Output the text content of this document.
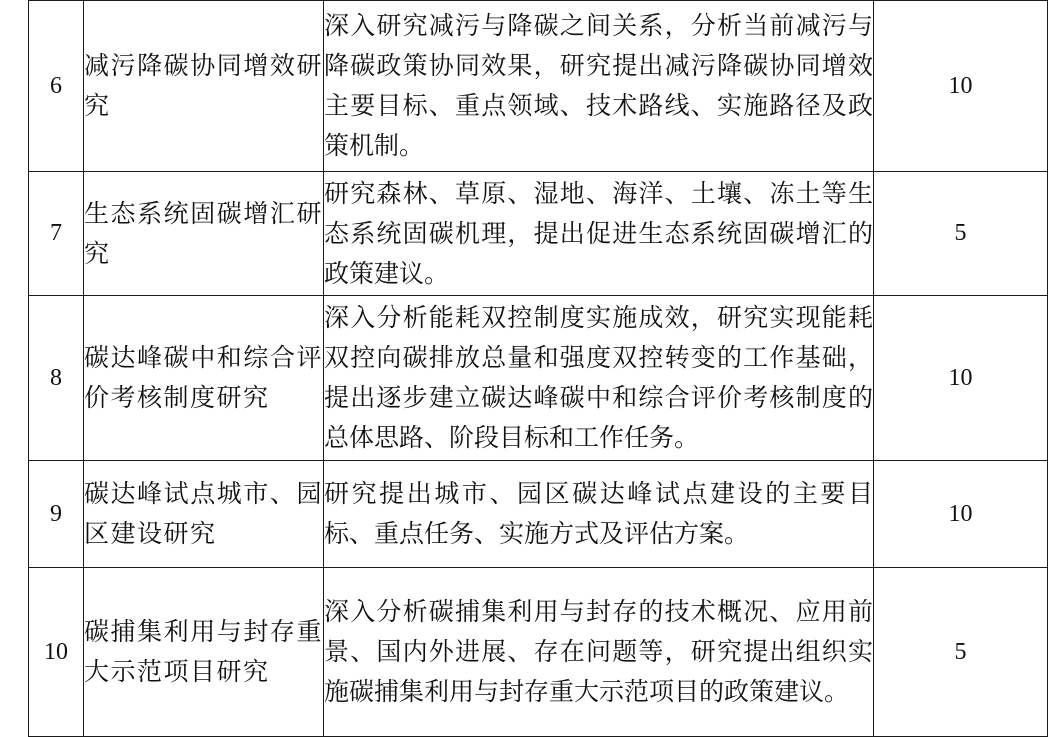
6	减污降碳协同增效研究	深入研究减污与降碳之间关系，分析当前减污与降碳政策协同效果，研究提出减污降碳协同增效主要目标、重点领域、技术路线、实施路径及政策机制。	10
7	生态系统固碳增汇研究	研究森林、草原、湿地、海洋、土壤、冻土等生态系统固碳机理，提出促进生态系统固碳增汇的政策建议。	5
8	碳达峰碳中和综合评价考核制度研究	深入分析能耗双控制度实施成效，研究实现能耗双控向碳排放总量和强度双控转变的工作基础，提出逐步建立碳达峰碳中和综合评价考核制度的总体思路、阶段目标和工作任务。	10
9	碳达峰试点城市、园区建设研究	研究提出城市、园区碳达峰试点建设的主要目标、重点任务、实施方式及评估方案。	10
10	碳捕集利用与封存重大示范项目研究	深入分析碳捕集利用与封存的技术概况、应用前景、国内外进展、存在问题等，研究提出组织实施碳捕集利用与封存重大示范项目的政策建议。	5
